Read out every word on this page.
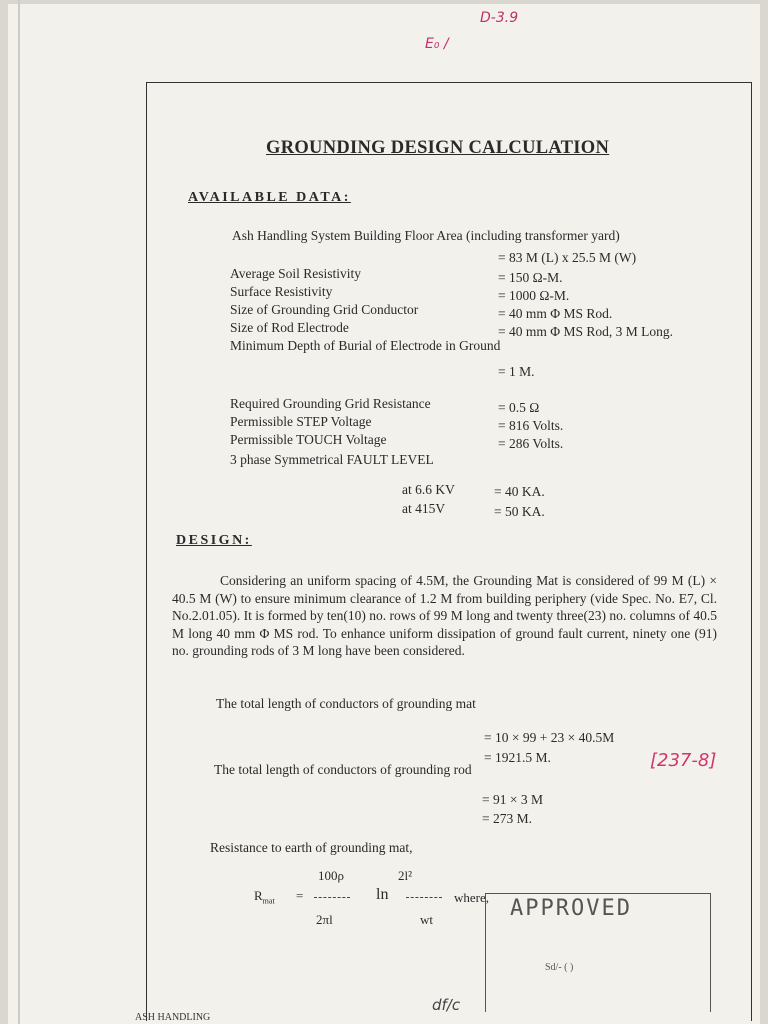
D-3.9
E₀ /
[237-8]
df/c
GROUNDING DESIGN CALCULATION
AVAILABLE DATA:
Ash Handling System Building Floor Area (including transformer yard)
= 83 M (L) x 25.5 M (W)
Average Soil Resistivity	= 150 Ω-M.
Surface Resistivity	= 1000 Ω-M.
Size of Grounding Grid Conductor	= 40 mm Φ MS Rod.
Size of Rod Electrode	= 40 mm Φ MS Rod, 3 M Long.
Minimum Depth of Burial of Electrode in Ground
= 1 M.
Required Grounding Grid Resistance	= 0.5 Ω
Permissible STEP Voltage	= 816 Volts.
Permissible TOUCH Voltage	= 286 Volts.
3 phase Symmetrical FAULT LEVEL
at 6.6 KV	= 40 KA.
at 415V	= 50 KA.
DESIGN:
Considering an uniform spacing of 4.5M, the Grounding Mat is considered of 99 M (L) × 40.5 M (W) to ensure minimum clearance of 1.2 M from building periphery (vide Spec. No. E7, Cl. No.2.01.05). It is formed by ten(10) no. rows of 99 M long and twenty three(23) no. columns of 40.5 M long 40 mm Φ MS rod. To enhance uniform dissipation of ground fault current, ninety one (91) no. grounding rods of 3 M long have been considered.
The total length of conductors of grounding mat
= 10 × 99 + 23 × 40.5M
= 1921.5 M.
The total length of conductors of grounding rod
= 91 × 3 M
= 273 M.
Resistance to earth of grounding mat,
100ρ	2l²
$R_{mat}$ =	ln	where,
2πl	wt	APPROVED
Sd/- ( )
ASH HANDLING
